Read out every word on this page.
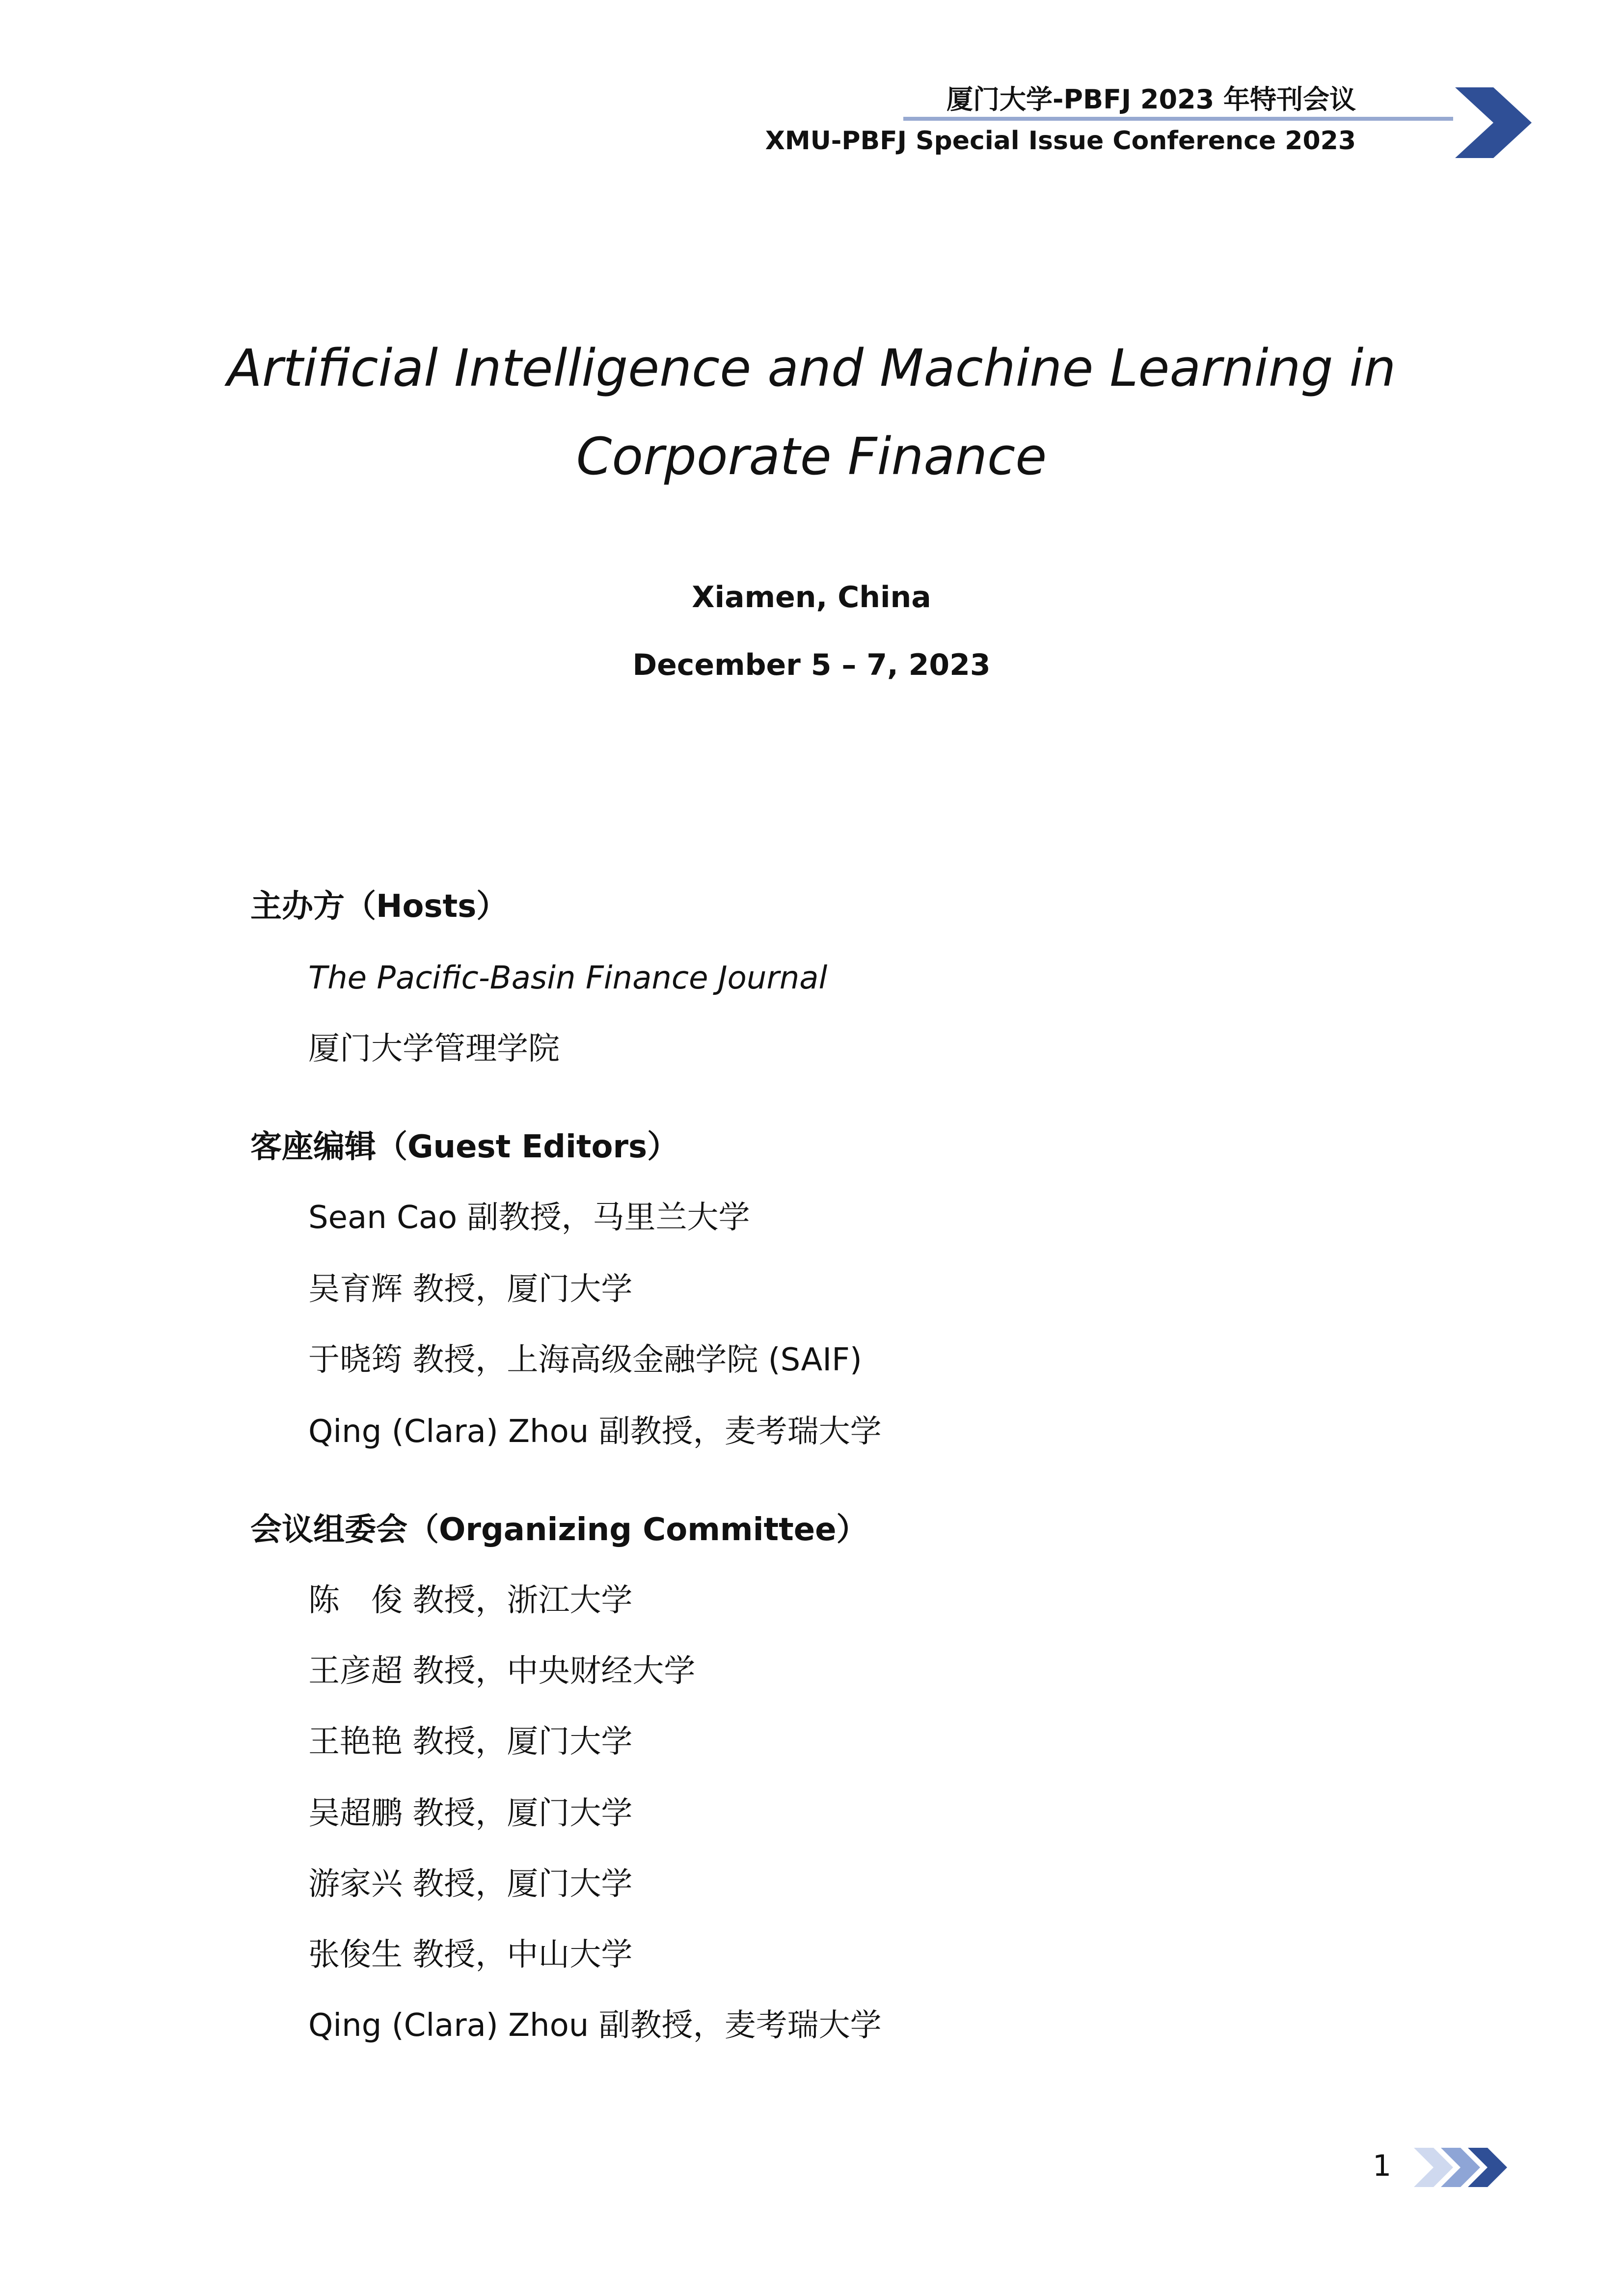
厦门大学-PBFJ 2023 年特刊会议
XMU-PBFJ Special Issue Conference 2023
Artificial Intelligence and Machine Learning in
Corporate Finance
Xiamen, China
December 5 – 7, 2023
主办方（Hosts）
The Pacific-Basin Finance Journal
厦门大学管理学院
客座编辑（Guest Editors）
Sean Cao 副教授，马里兰大学
吴育辉 教授，厦门大学
于晓筠 教授，上海高级金融学院 (SAIF)
Qing (Clara) Zhou 副教授，麦考瑞大学
会议组委会（Organizing Committee）
陈　俊 教授，浙江大学
王彦超 教授，中央财经大学
王艳艳 教授，厦门大学
吴超鹏 教授，厦门大学
游家兴 教授，厦门大学
张俊生 教授，中山大学
Qing (Clara) Zhou 副教授，麦考瑞大学
1
